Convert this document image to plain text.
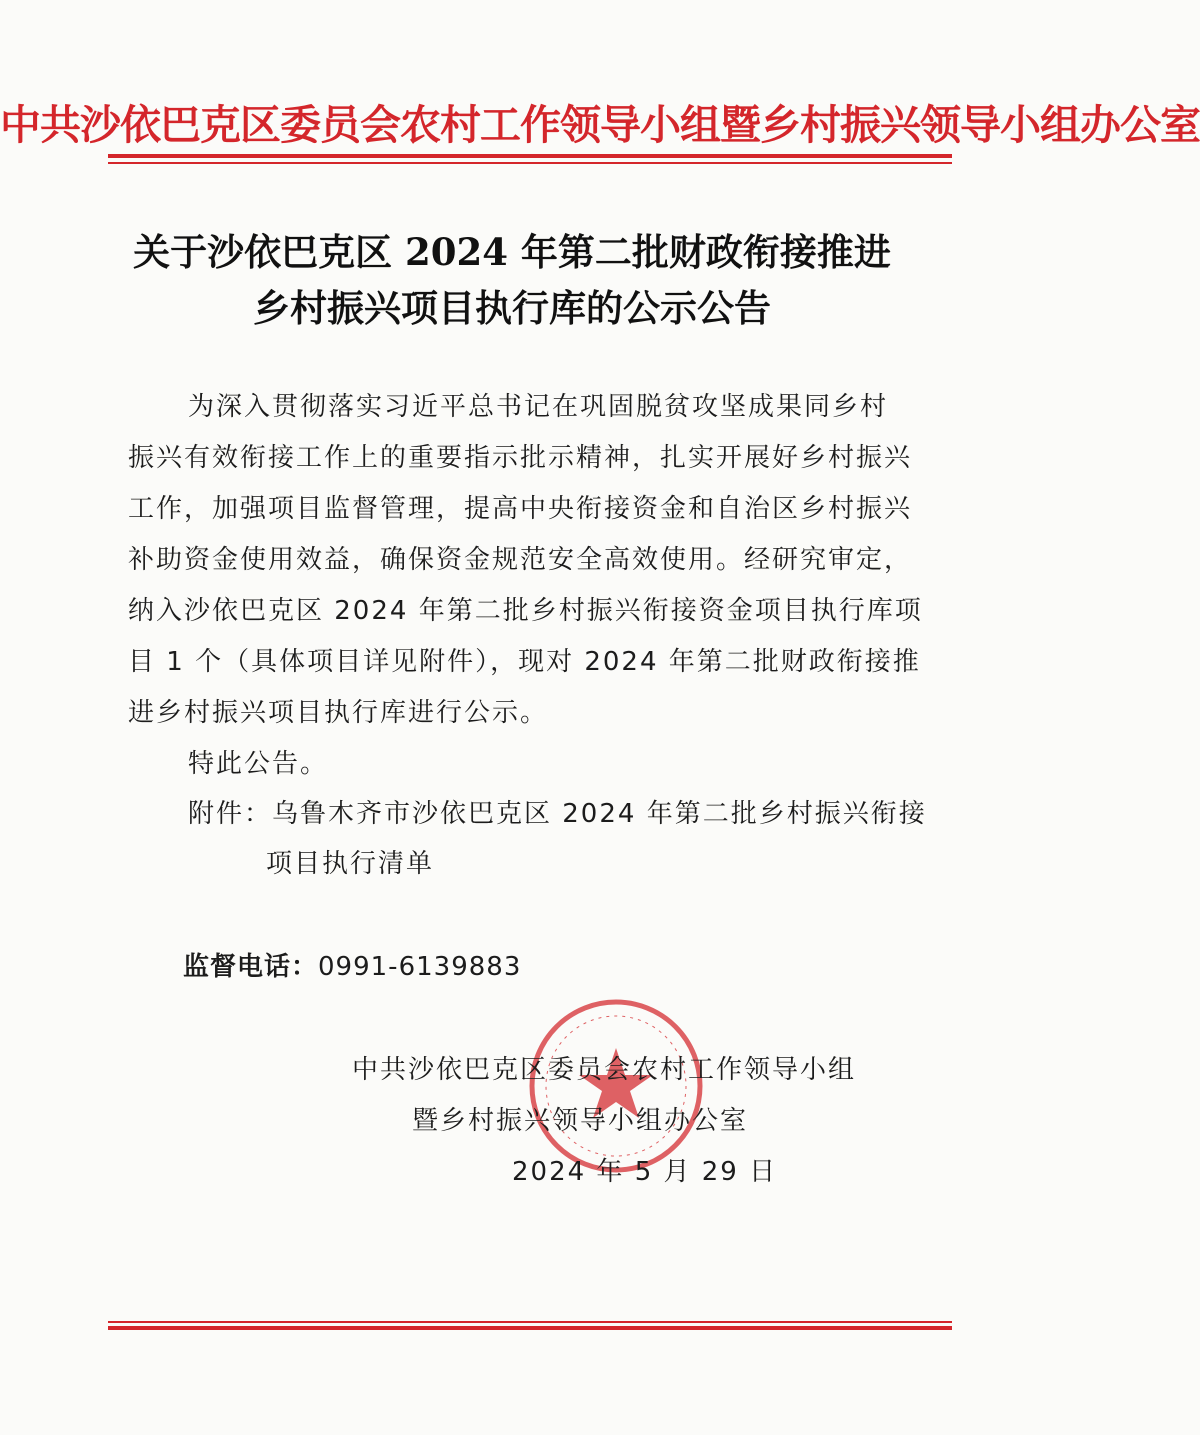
中共沙依巴克区委员会农村工作领导小组暨乡村振兴领导小组办公室
关于沙依巴克区 2024 年第二批财政衔接推进
乡村振兴项目执行库的公示公告
为深入贯彻落实习近平总书记在巩固脱贫攻坚成果同乡村
振兴有效衔接工作上的重要指示批示精神，扎实开展好乡村振兴
工作，加强项目监督管理，提高中央衔接资金和自治区乡村振兴
补助资金使用效益，确保资金规范安全高效使用。经研究审定，
纳入沙依巴克区 2024 年第二批乡村振兴衔接资金项目执行库项
目 1 个（具体项目详见附件），现对 2024 年第二批财政衔接推
进乡村振兴项目执行库进行公示。
特此公告。
附件：乌鲁木齐市沙依巴克区 2024 年第二批乡村振兴衔接
项目执行清单
监督电话：0991-6139883
中共沙依巴克区委员会农村工作领导小组
暨乡村振兴领导小组办公室
2024 年 5 月 29 日
